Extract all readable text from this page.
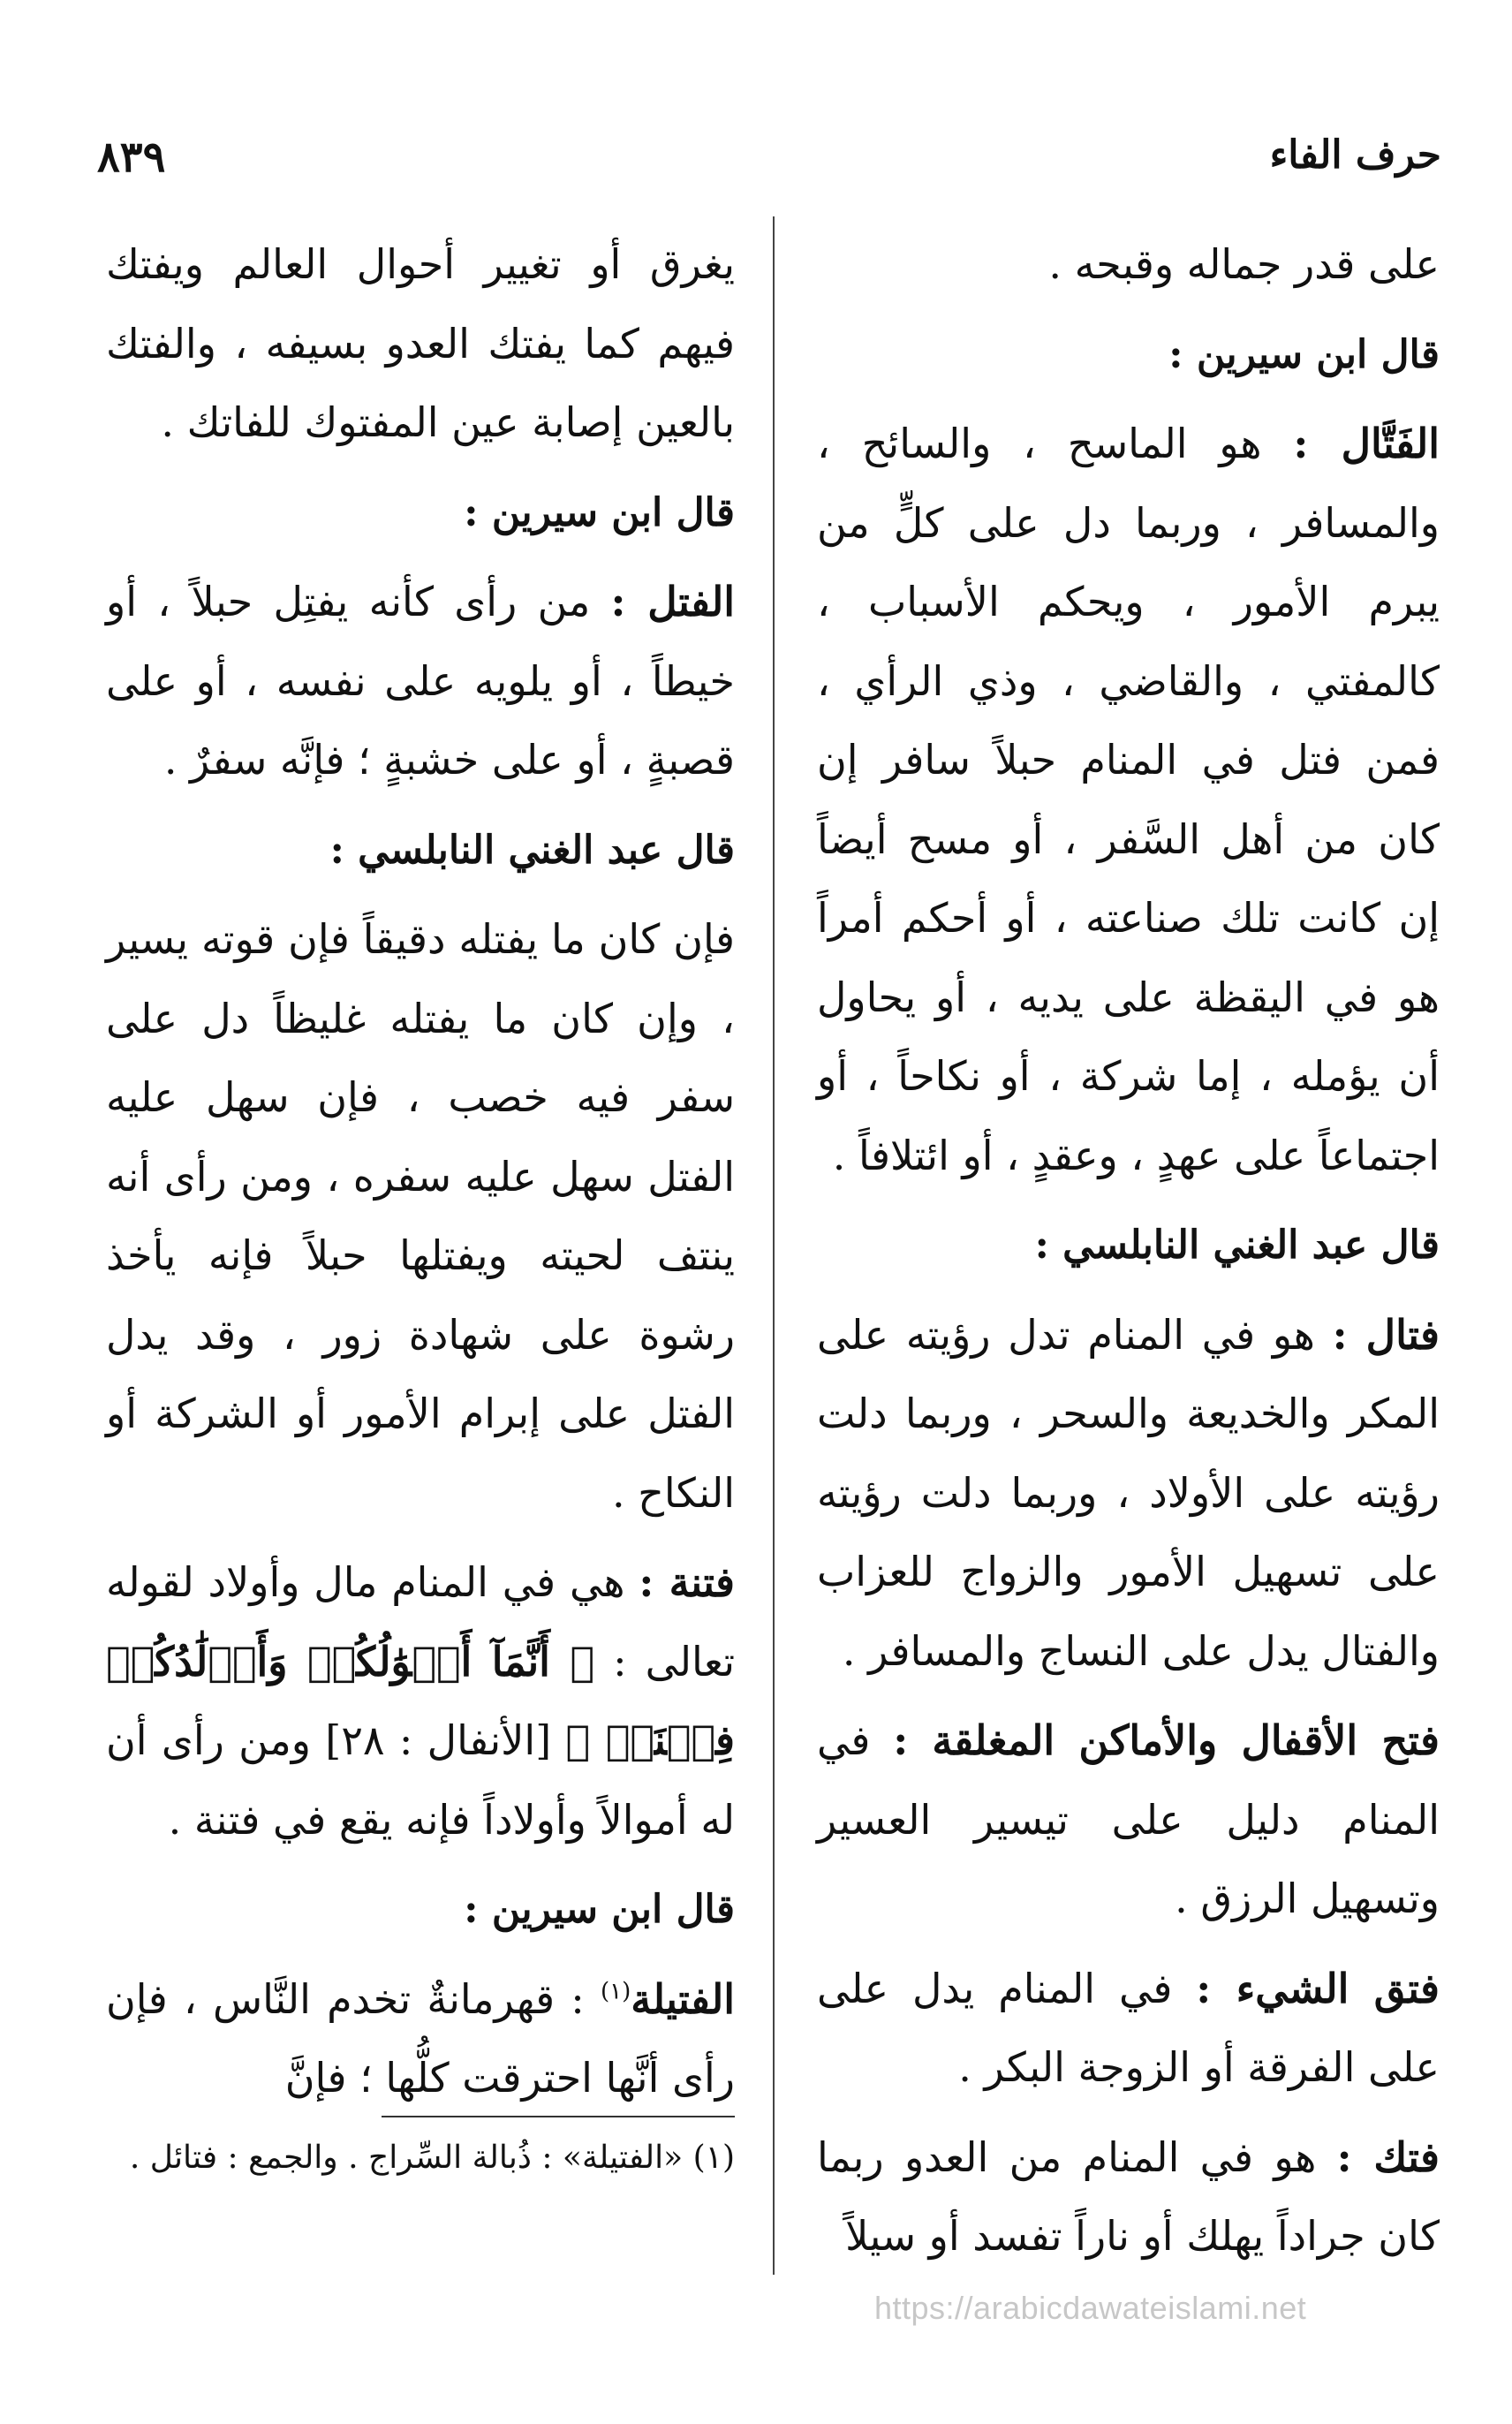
حرف الفاء
٨٣٩

على قدر جماله وقبحه .

قال ابن سيرين :

الفَتَّال : هو الماسح ، والسائح ، والمسافر ، وربما دل على كلٍّ من يبرم الأمور ، ويحكم الأسباب ، كالمفتي ، والقاضي ، وذي الرأي ، فمن فتل في المنام حبلاً سافر إن كان من أهل السَّفر ، أو مسح أيضاً إن كانت تلك صناعته ، أو أحكم أمراً هو في اليقظة على يديه ، أو يحاول أن يؤمله ، إما شركة ، أو نكاحاً ، أو اجتماعاً على عهدٍ ، وعقدٍ ، أو ائتلافاً .

قال عبد الغني النابلسي :

فتال : هو في المنام تدل رؤيته على المكر والخديعة والسحر ، وربما دلت رؤيته على الأولاد ، وربما دلت رؤيته على تسهيل الأمور والزواج للعزاب والفتال يدل على النساج والمسافر .

فتح الأقفال والأماكن المغلقة : في المنام دليل على تيسير العسير وتسهيل الرزق .

فتق الشيء : في المنام يدل على على الفرقة أو الزوجة البكر .

فتك : هو في المنام من العدو ربما كان جراداً يهلك أو ناراً تفسد أو سيلاً

يغرق أو تغيير أحوال العالم ويفتك فيهم كما يفتك العدو بسيفه ، والفتك بالعين إصابة عين المفتوك للفاتك .

قال ابن سيرين :

الفتل : من رأى كأنه يفتِل حبلاً ، أو خيطاً ، أو يلويه على نفسه ، أو على قصبةٍ ، أو على خشبةٍ ؛ فإنَّه سفرٌ .

قال عبد الغني النابلسي :

فإن كان ما يفتله دقيقاً فإن قوته يسير ، وإن كان ما يفتله غليظاً دل على سفر فيه خصب ، فإن سهل عليه الفتل سهل عليه سفره ، ومن رأى أنه ينتف لحيته ويفتلها حبلاً فإنه يأخذ رشوة على شهادة زور ، وقد يدل الفتل على إبرام الأمور أو الشركة أو النكاح .

فتنة : هي في المنام مال وأولاد لقوله تعالى : ﴿ أَنَّمَآ أَمۡوَٰلُكُمۡ وَأَوۡلَٰدُكُمۡ فِتۡنَةٞ ﴾ [الأنفال : ٢٨] ومن رأى أن له أموالاً وأولاداً فإنه يقع في فتنة .

قال ابن سيرين :

الفتيلة$^{(١)}$ : قهرمانةٌ تخدم النَّاس ، فإن رأى أنَّها احترقت كلُّها ؛ فإنَّ

(١) «الفتيلة» : ذُبالة السِّراج . والجمع : فتائل .
https://arabicdawateislami.net
